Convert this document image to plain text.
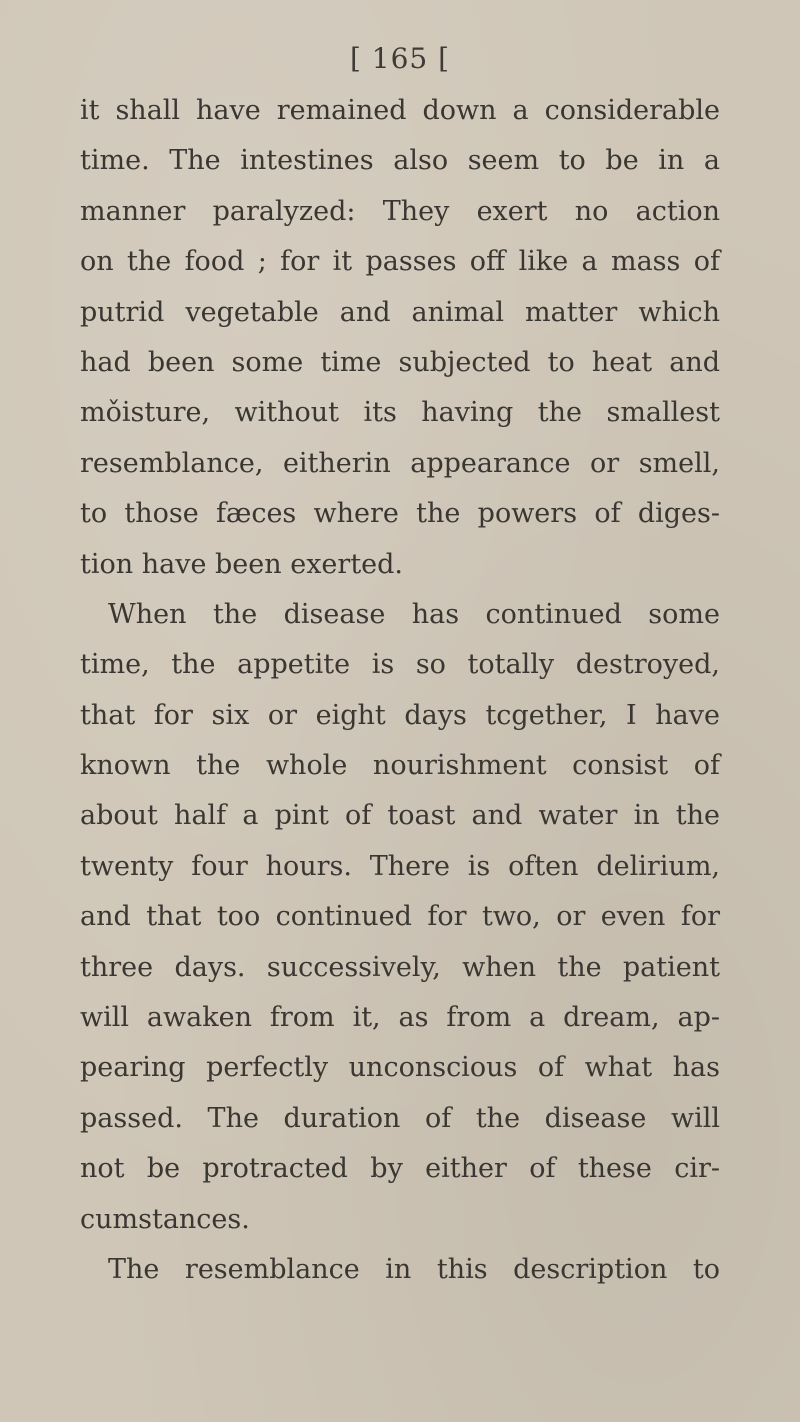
[ 165 [
it shall have remained down a considerable
time. The intestines also seem to be in a
manner paralyzed: They exert no action
on the food ; for it passes off like a mass of
putrid vegetable and animal matter which
had been some time subjected to heat and
mǒisture, without its having the smallest
resemblance, eitherin appearance or smell,
to those fæces where the powers of diges-
tion have been exerted.
When the disease has continued some
time, the appetite is so totally destroyed,
that for six or eight days tcgether, I have
known the whole nourishment consist of
about half a pint of toast and water in the
twenty four hours. There is often delirium,
and that too continued for two, or even for
three days. successively, when the patient
will awaken from it, as from a dream, ap-
pearing perfectly unconscious of what has
passed. The duration of the disease will
not be protracted by either of these cir-
cumstances.
The resemblance in this description to
